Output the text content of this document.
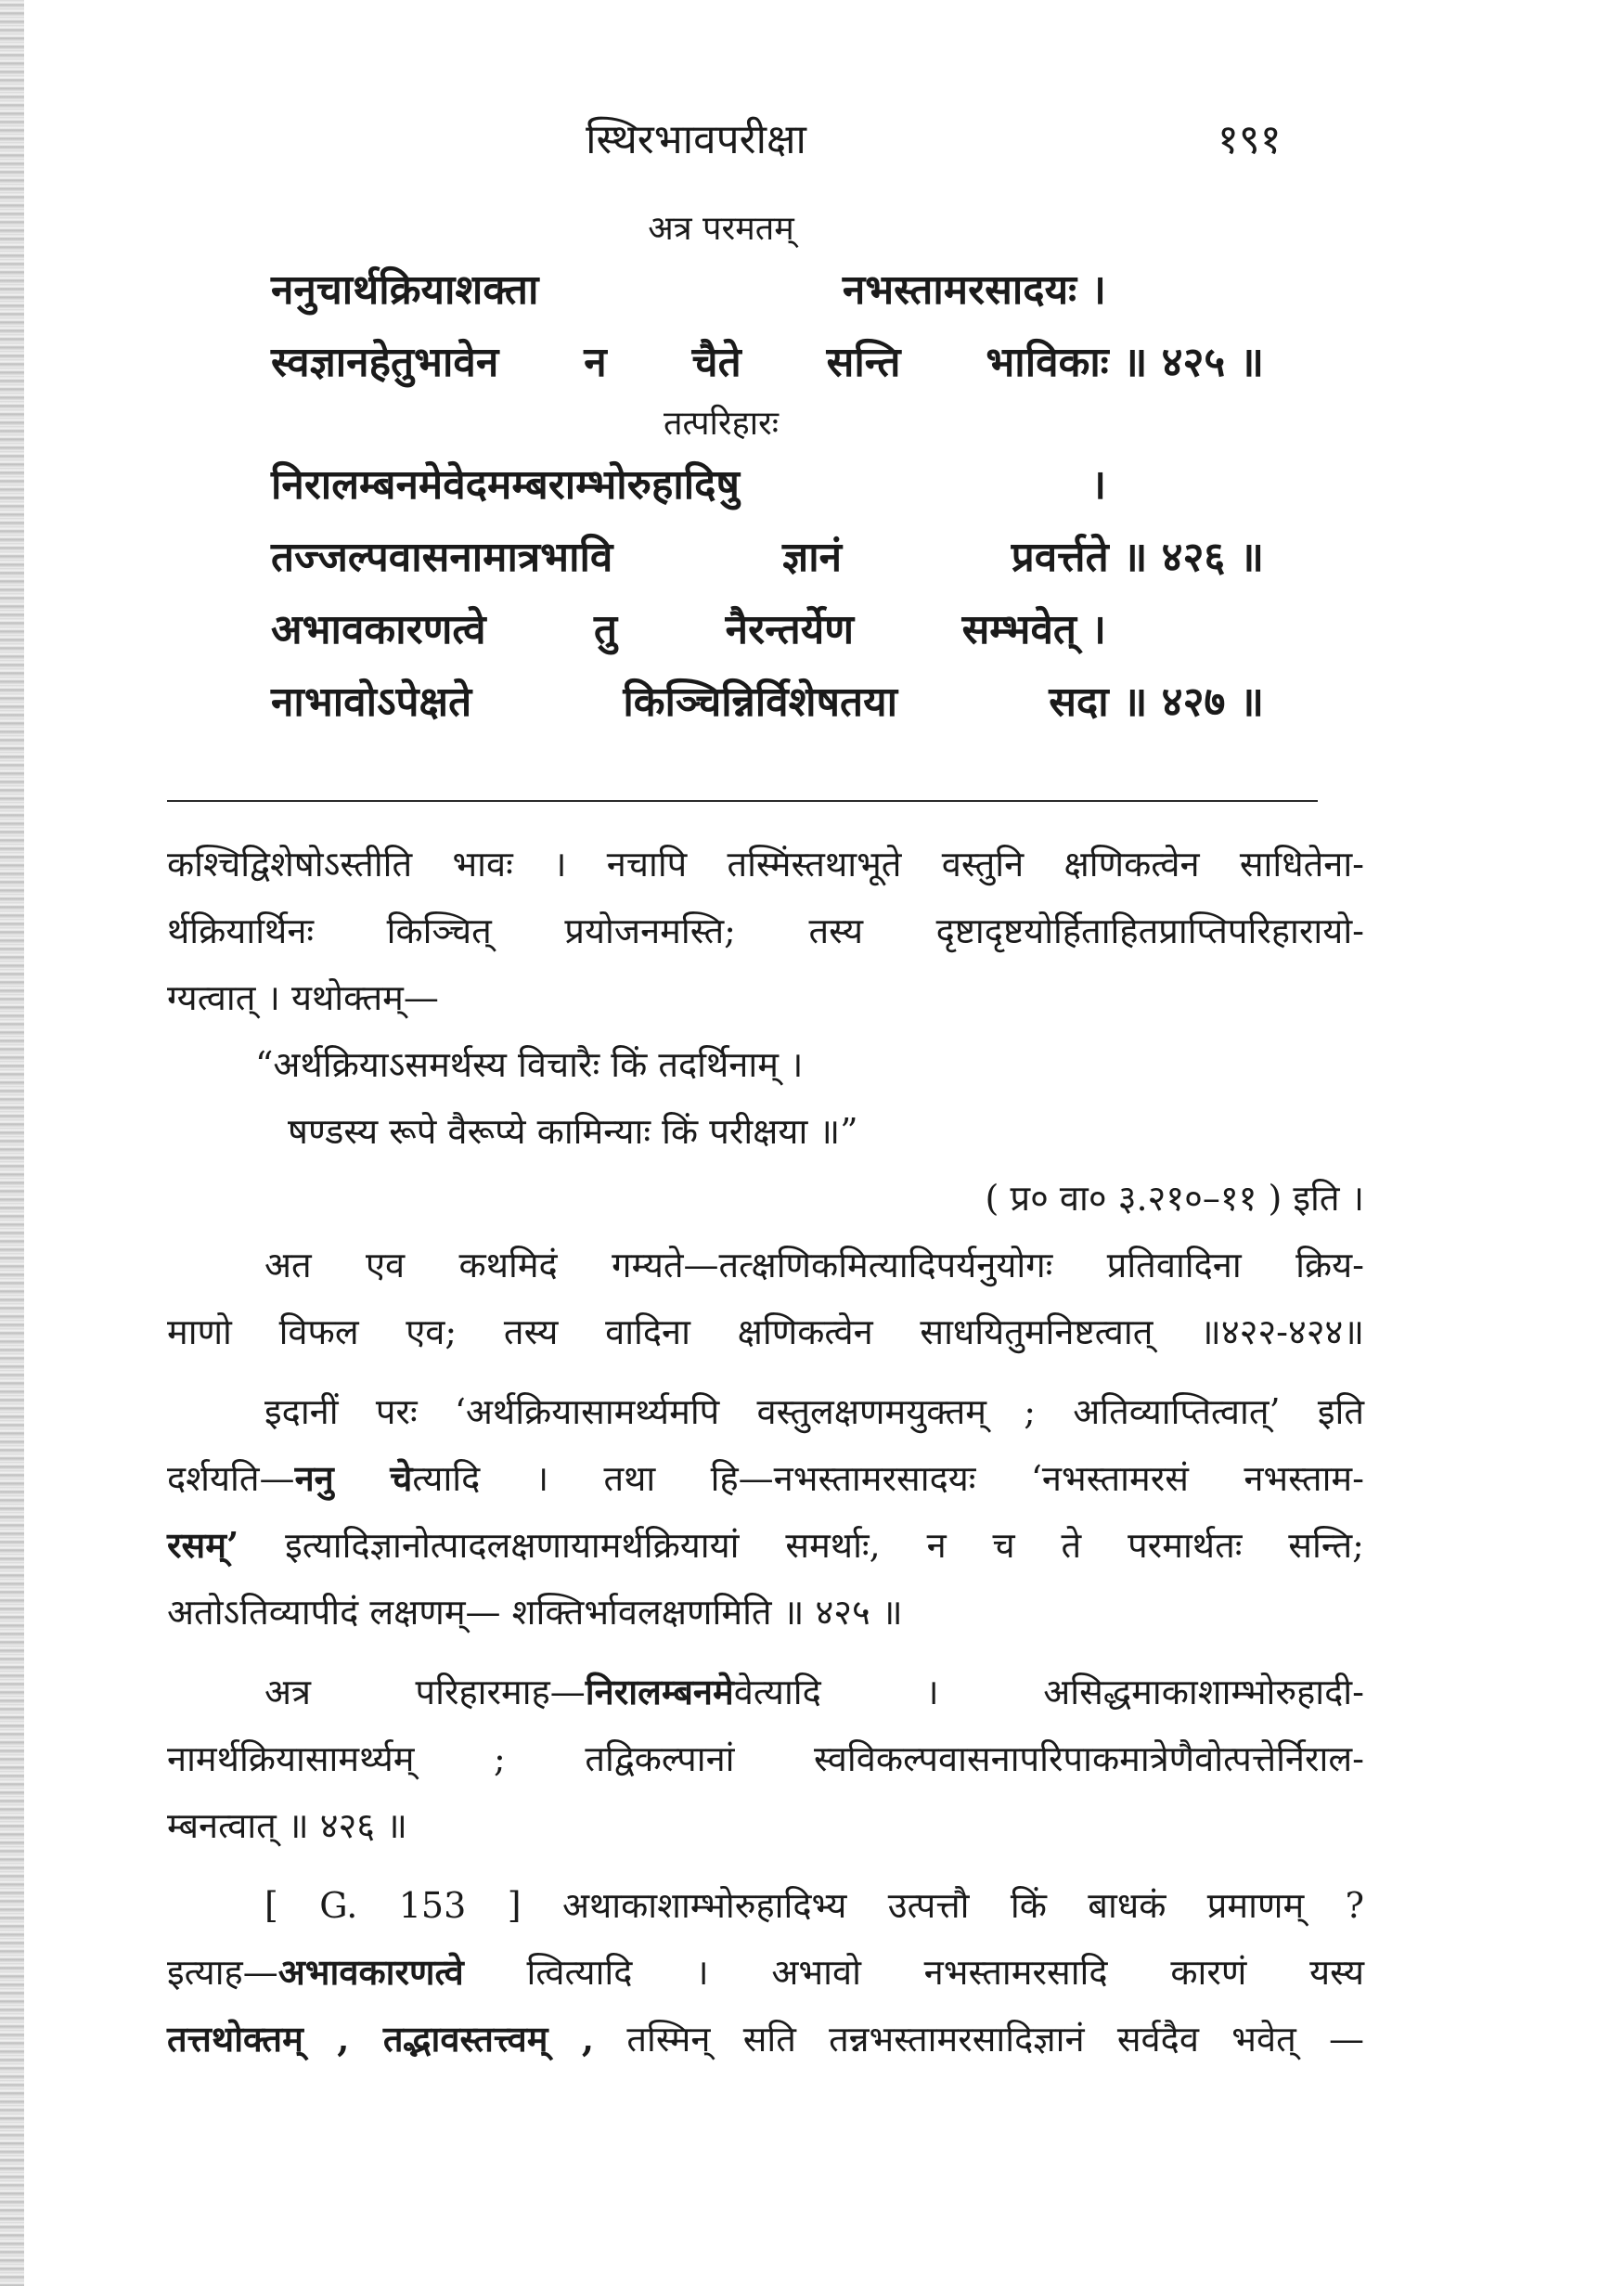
स्थिरभावपरीक्षा	१९१
अत्र परमतम्
ननुचार्थक्रियाशक्ता	नभस्तामरसादयः ।
स्वज्ञानहेतुभावेन न चैते सन्ति भाविकाः ॥ ४२५ ॥
तत्परिहारः
निरालम्बनमेवेदमम्बराम्भोरुहादिषु	।
तज्जल्पवासनामात्रभावि	ज्ञानं	प्रवर्त्तते ॥ ४२६ ॥
अभावकारणत्वे	तु	नैरन्तर्येण	सम्भवेत् ।
नाभावोऽपेक्षते	किञ्चिन्निर्विशेषतया	सदा ॥ ४२७ ॥
कश्चिद्विशेषोऽस्तीति भावः । नचापि तस्मिंस्तथाभूते वस्तुनि क्षणिकत्वेन साधितेना-
र्थक्रियार्थिनः किञ्चित् प्रयोजनमस्ति; तस्य दृष्टादृष्टयोर्हिताहितप्राप्तिपरिहारायो-
ग्यत्वात् । यथोक्तम्—
“अर्थक्रियाऽसमर्थस्य विचारैः किं तदर्थिनाम् ।
षण्डस्य रूपे वैरूप्ये कामिन्याः किं परीक्षया ॥”
( प्र० वा० ३.२१०–११ ) इति ।
अत एव कथमिदं गम्यते—तत्क्षणिकमित्यादिपर्यनुयोगः प्रतिवादिना क्रिय-
माणो विफल एव; तस्य वादिना क्षणिकत्वेन साधयितुमनिष्टत्वात् ॥४२२-४२४॥
इदानीं परः ‘अर्थक्रियासामर्थ्यमपि वस्तुलक्षणमयुक्तम् ; अतिव्याप्तित्वात्’ इति
दर्शयति—ननु चेत्यादि । तथा हि—नभस्तामरसादयः ‘नभस्तामरसं नभस्ताम-
रसम्’ इत्यादिज्ञानोत्पादलक्षणायामर्थक्रियायां समर्थाः, न च ते परमार्थतः सन्ति;
अतोऽतिव्यापीदं लक्षणम्— शक्तिर्भावलक्षणमिति ॥ ४२५ ॥
अत्र परिहारमाह—निरालम्बनमेवेत्यादि । असिद्धमाकाशाम्भोरुहादी-
नामर्थक्रियासामर्थ्यम् ; तद्विकल्पानां स्वविकल्पवासनापरिपाकमात्रेणैवोत्पत्तेर्निराल-
म्बनत्वात् ॥ ४२६ ॥
[ G. 153 ] अथाकाशाम्भोरुहादिभ्य उत्पत्तौ किं बाधकं प्रमाणम् ?
इत्याह—अभावकारणत्वे त्वित्यादि । अभावो नभस्तामरसादि कारणं यस्य
तत्तथोक्तम् , तद्भावस्तत्त्वम् , तस्मिन् सति तन्नभस्तामरसादिज्ञानं सर्वदैव भवेत् —
